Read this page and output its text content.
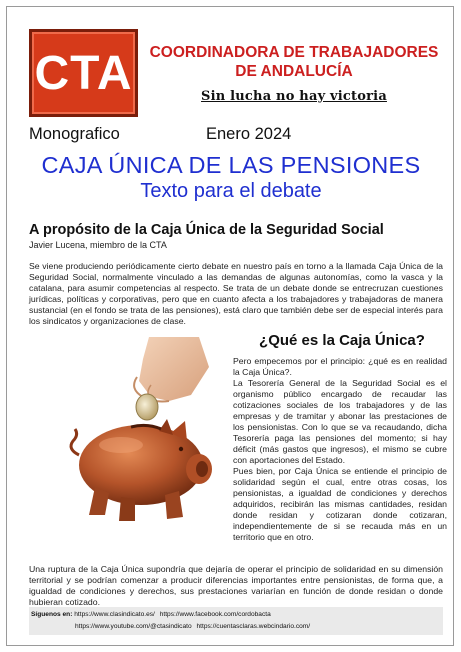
CTA	COORDINADORA DE TRABAJADORES
DE ANDALUCÍA
Sin lucha no hay victoria
Monografico	Enero 2024
CAJA ÚNICA DE LAS PENSIONES
Texto para el debate
A propósito de la Caja Única de la Seguridad Social
Javier Lucena, miembro de la CTA
Se viene produciendo periódicamente cierto debate en nuestro país en torno a la llamada Caja Única de la Seguridad Social, normalmente vinculado a las demandas de algunas autonomías, como la vasca y la catalana, para asumir competencias al respecto. Se trata de un debate donde se entrecruzan cuestiones jurídicas, políticas y corporativas, pero que en cuanto afecta a los trabajadores y trabajadoras de manera sustancial (en el fondo se trata de las pensiones), está claro que también debe ser de especial interés para los sindicatos y organizaciones de clase.
¿Qué es la Caja Única?

Pero empecemos por el principio: ¿qué es en realidad la Caja Única?.

La Tesorería General de la Seguridad Social es el organismo público encargado de recaudar las cotizaciones sociales de los trabajadores y de las empresas y de tramitar y abonar las prestaciones de los pensionistas. Con lo que se va recaudando, dicha Tesorería paga las pensiones del momento; si hay déficit (más gastos que ingresos), el mismo se cubre con aportaciones del Estado.

Pues bien, por Caja Única se entiende el principio de solidaridad según el cual, entre otras cosas, los pensionistas, a igualdad de condiciones y derechos adquiridos, recibirán las mismas cantidades, residan donde residan y cotizaran donde cotizaran, independientemente de si se recauda más en un territorio que en otro.

Una ruptura de la Caja Única supondría que dejaría de operar el principio de solidaridad en su dimensión territorial y se podrían comenzar a producir diferencias importantes entre pensionistas, de forma que, a igualdad de condiciones y derechos, sus prestaciones variarían en función de donde residan o donde hubieran cotizado.
Síguenos en: https://www.clasindicato.es/ https://www.facebook.com/cordobacta
https://www.youtube.com/@ctasindicato https://cuentasclaras.webcindario.com/
